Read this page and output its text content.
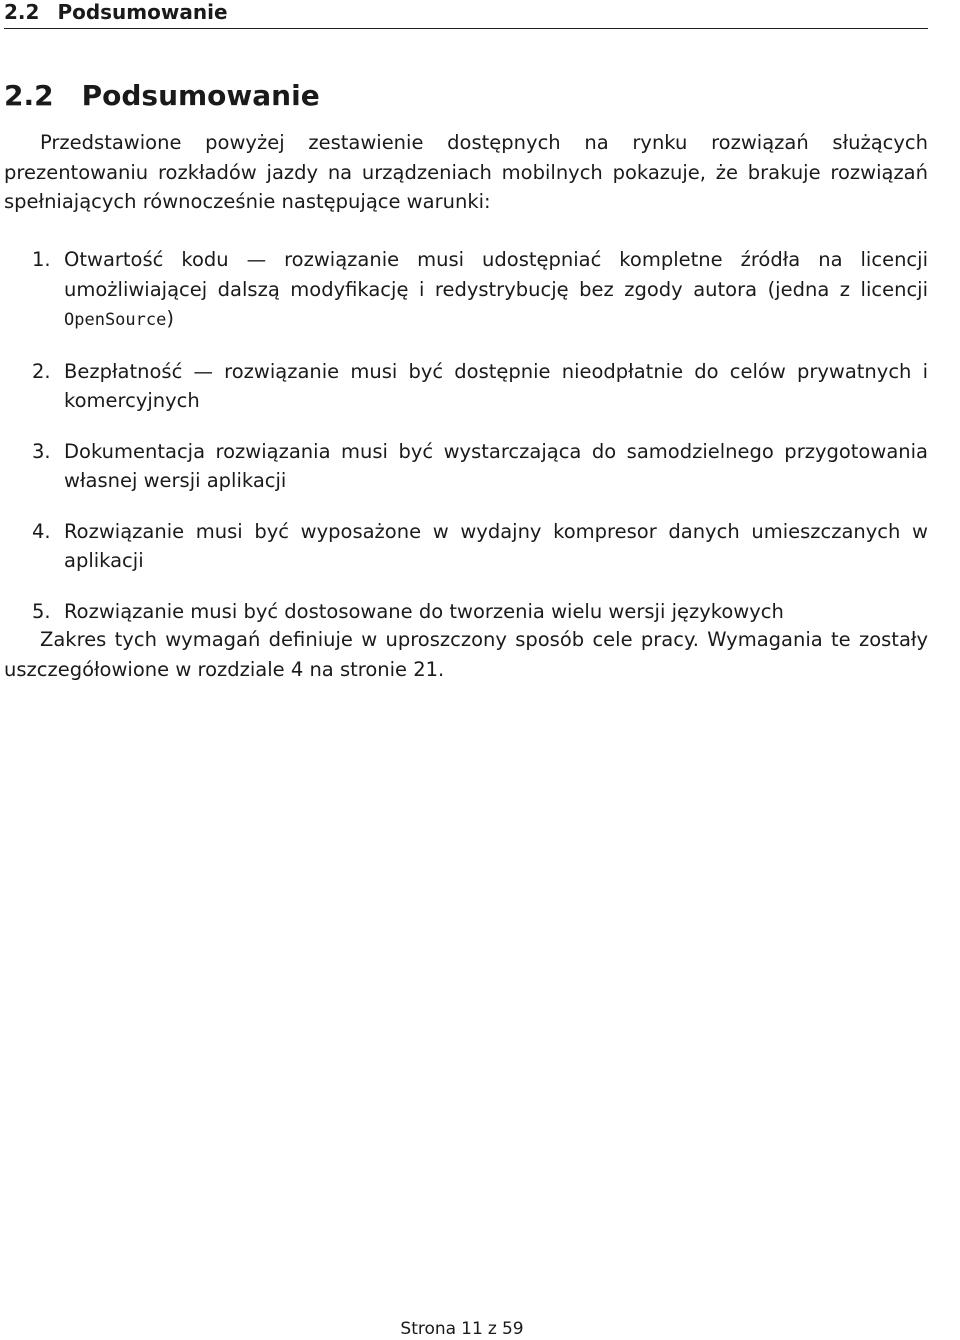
2.2 Podsumowanie
2.2 Podsumowanie

Przedstawione powyżej zestawienie dostępnych na rynku rozwiązań służących prezentowaniu rozkładów jazdy na urządzeniach mobilnych pokazuje, że brakuje rozwiązań spełniających równocześnie następujące warunki:

1. Otwartość kodu — rozwiązanie musi udostępniać kompletne źródła na licencji umożliwiającej dalszą modyfikację i redystrybucję bez zgody autora (jedna z licencji OpenSource)
2. Bezpłatność — rozwiązanie musi być dostępnie nieodpłatnie do celów prywatnych i komercyjnych
3. Dokumentacja rozwiązania musi być wystarczająca do samodzielnego przygotowania własnej wersji aplikacji
4. Rozwiązanie musi być wyposażone w wydajny kompresor danych umieszczanych w aplikacji
5. Rozwiązanie musi być dostosowane do tworzenia wielu wersji językowych

Zakres tych wymagań definiuje w uproszczony sposób cele pracy. Wymagania te zostały uszczegółowione w rozdziale 4 na stronie 21.

Strona 11 z 59
